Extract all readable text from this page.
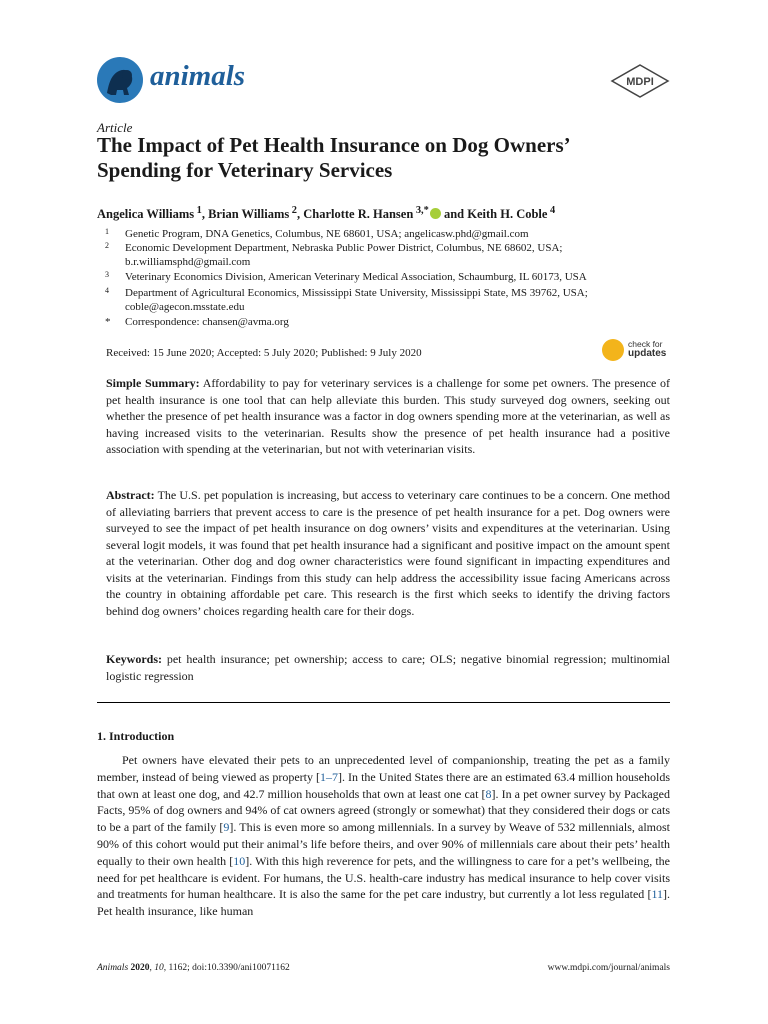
animals	MDPI
Article
The Impact of Pet Health Insurance on Dog Owners’
Spending for Veterinary Services
Angelica Williams  $^1$, Brian Williams  $^2$, Charlotte R. Hansen  $^{3,*}$ and Keith H. Coble  $^4$
1 Genetic Program, DNA Genetics, Columbus, NE 68601, USA; angelicasw.phd@gmail.com
2 Economic Development Department, Nebraska Public Power District, Columbus, NE 68602, USA;
b.r.williamsphd@gmail.com
3 Veterinary Economics Division, American Veterinary Medical Association, Schaumburg, IL 60173, USA
4 Department of Agricultural Economics, Mississippi State University, Mississippi State, MS 39762, USA;
coble@agecon.msstate.edu
* Correspondence: chansen@avma.org
Received: 15 June 2020; Accepted: 5 July 2020; Published: 9 July 2020
check for
updates
Simple Summary: Affordability to pay for veterinary services is a challenge for some pet owners. The presence of pet health insurance is one tool that can help alleviate this burden. This study surveyed dog owners, seeking out whether the presence of pet health insurance was a factor in dog owners spending more at the veterinarian, as well as having increased visits to the veterinarian. Results show the presence of pet health insurance had a positive association with spending at the veterinarian, but not with veterinarian visits.
Abstract: The U.S. pet population is increasing, but access to veterinary care continues to be a concern. One method of alleviating barriers that prevent access to care is the presence of pet health insurance for a pet. Dog owners were surveyed to see the impact of pet health insurance on dog owners’ visits and expenditures at the veterinarian. Using several logit models, it was found that pet health insurance had a significant and positive impact on the amount spent at the veterinarian. Other dog and dog owner characteristics were found significant in impacting expenditures and visits at the veterinarian. Findings from this study can help address the accessibility issue facing Americans across the country in obtaining affordable pet care. This research is the first which seeks to identify the driving factors behind dog owners’ choices regarding health care for their dogs.
Keywords: pet health insurance; pet ownership; access to care; OLS; negative binomial regression; multinomial logistic regression
1. Introduction
Pet owners have elevated their pets to an unprecedented level of companionship, treating the pet as a family member, instead of being viewed as property [1–7]. In the United States there are an estimated 63.4 million households that own at least one dog, and 42.7 million households that own at least one cat [8]. In a pet owner survey by Packaged Facts, 95% of dog owners and 94% of cat owners agreed (strongly or somewhat) that they considered their dogs or cats to be a part of the family [9]. This is even more so among millennials. In a survey by Weave of 532 millennials, almost 90% of this cohort would put their animal’s life before theirs, and over 90% of millennials care about their pets’ health equally to their own health [10]. With this high reverence for pets, and the willingness to care for a pet’s wellbeing, the need for pet healthcare is evident. For humans, the U.S. health-care industry has medical insurance to help cover visits and treatments for human healthcare. It is also the same for the pet care industry, but currently a lot less regulated [11]. Pet health insurance, like human
Animals 2020, 10, 1162; doi:10.3390/ani10071162	www.mdpi.com/journal/animals
